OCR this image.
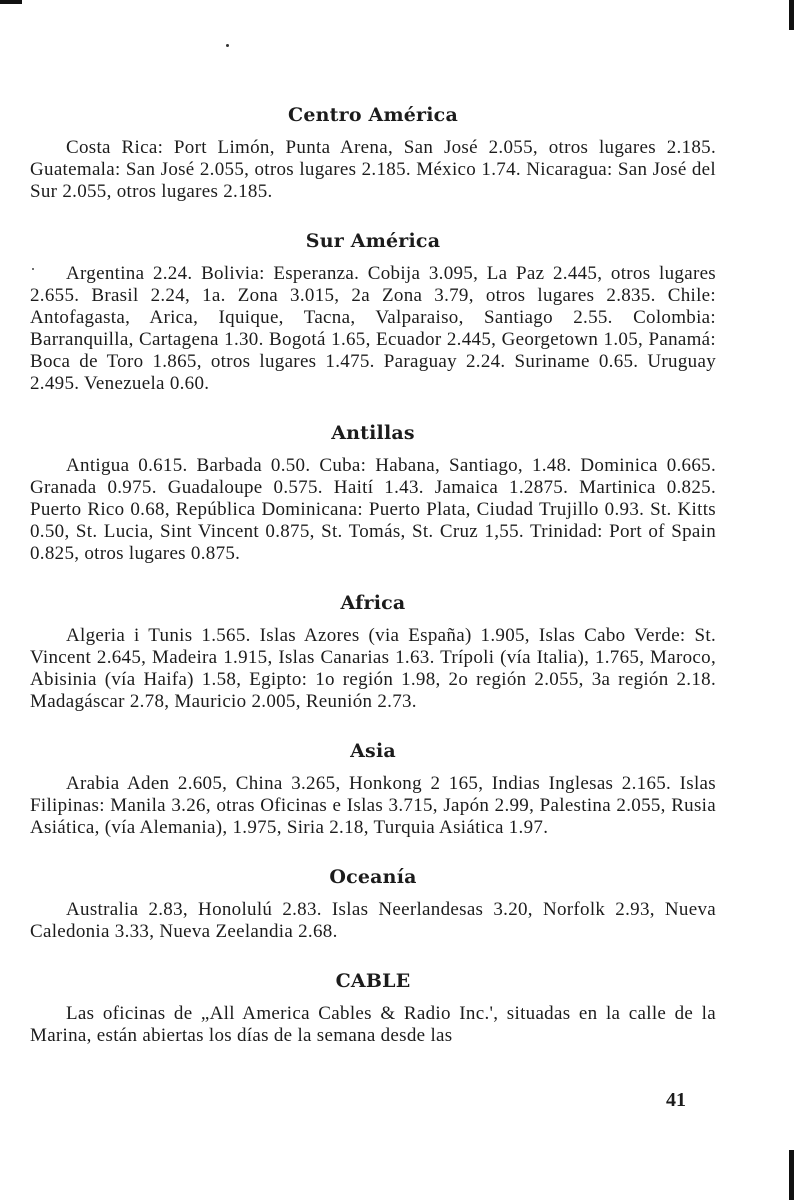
Centro América

Costa Rica: Port Limón, Punta Arena, San José 2.055, otros lugares 2.185. Guatemala: San José 2.055, otros lugares 2.185. México 1.74. Nicaragua: San José del Sur 2.055, otros lugares 2.185.

Sur América

Argentina 2.24. Bolivia: Esperanza. Cobija 3.095, La Paz 2.445, otros lugares 2.655. Brasil 2.24, 1a. Zona 3.015, 2a Zona 3.79, otros lugares 2.835. Chile: Antofagasta, Arica, Iquique, Tacna, Valparaiso, Santiago 2.55. Colombia: Barranquilla, Cartagena 1.30. Bogotá 1.65, Ecuador 2.445, Georgetown 1.05, Panamá: Boca de Toro 1.865, otros lugares 1.475. Paraguay 2.24. Suriname 0.65. Uruguay 2.495. Venezuela 0.60.

Antillas

Antigua 0.615. Barbada 0.50. Cuba: Habana, Santiago, 1.48. Dominica 0.665. Granada 0.975. Guadaloupe 0.575. Haití 1.43. Jamaica 1.2875. Martinica 0.825. Puerto Rico 0.68, República Dominicana: Puerto Plata, Ciudad Trujillo 0.93. St. Kitts 0.50, St. Lucia, Sint Vincent 0.875, St. Tomás, St. Cruz 1,55. Trinidad: Port of Spain 0.825, otros lugares 0.875.

Africa

Algeria i Tunis 1.565. Islas Azores (via España) 1.905, Islas Cabo Verde: St. Vincent 2.645, Madeira 1.915, Islas Canarias 1.63. Trípoli (vía Italia), 1.765, Maroco, Abisinia (vía Haifa) 1.58, Egipto: 1o región 1.98, 2o región 2.055, 3a región 2.18. Madagáscar 2.78, Mauricio 2.005, Reunión 2.73.

Asia

Arabia Aden 2.605, China 3.265, Honkong 2 165, Indias Inglesas 2.165. Islas Filipinas: Manila 3.26, otras Oficinas e Islas 3.715, Japón 2.99, Palestina 2.055, Rusia Asiática, (vía Alemania), 1.975, Siria 2.18, Turquia Asiática 1.97.

Oceanía

Australia 2.83, Honolulú 2.83. Islas Neerlandesas 3.20, Norfolk 2.93, Nueva Caledonia 3.33, Nueva Zeelandia 2.68.

CABLE

Las oficinas de „All America Cables & Radio Inc.', situadas en la calle de la Marina, están abiertas los días de la semana desde las

41
